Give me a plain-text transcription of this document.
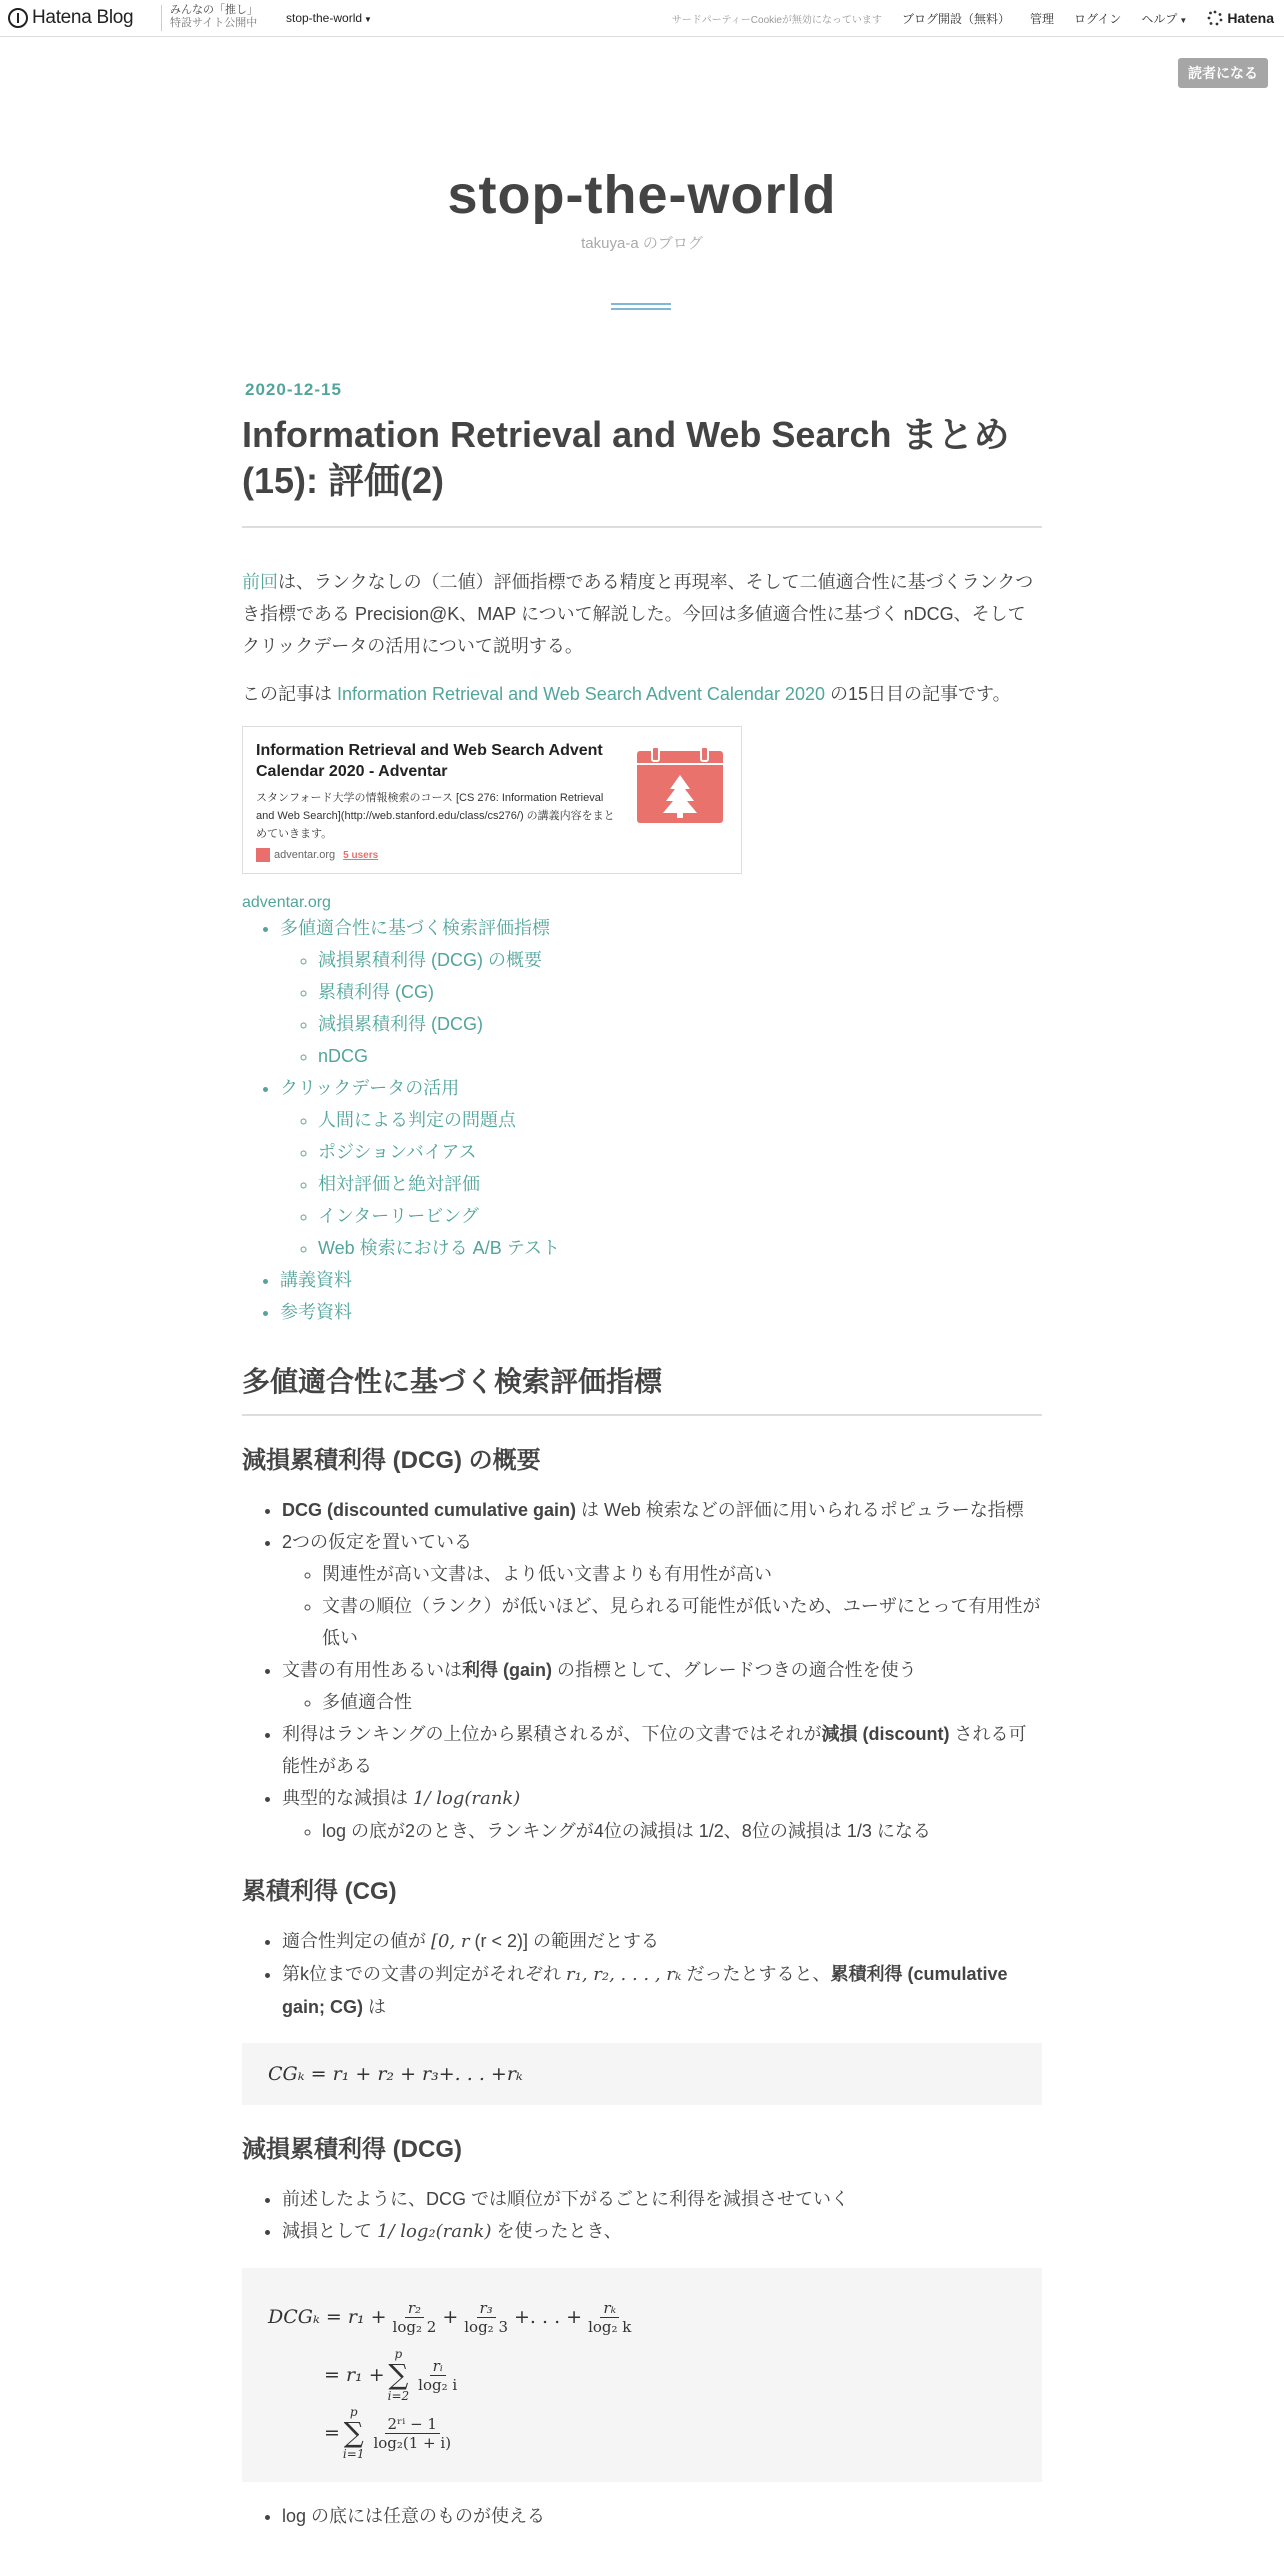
Hatena Blog	みんなの「推し」
特設サイト公開中 stop-the-world ▼	サードパーティーCookieが無効になっています ブログ開設（無料） 管理 ログイン ヘルプ ▼	Hatena
読者になる
stop-the-world
takuya-a のブログ
2020-12-15
Information Retrieval and Web Search まとめ(15): 評価(2)

前回は、ランクなしの（二値）評価指標である精度と再現率、そして二値適合性に基づくランクつき指標である Precision@K、MAP について解説した。今回は多値適合性に基づく nDCG、そしてクリックデータの活用について説明する。

この記事は Information Retrieval and Web Search Advent Calendar 2020 の15日目の記事です。

Information Retrieval and Web Search Advent Calendar 2020 - Adventar
スタンフォード大学の情報検索のコース [CS 276: Information Retrieval and Web Search](http://web.stanford.edu/class/cs276/) の講義内容をまとめていきます。
adventar.org 5 users
adventar.org
• 多値適合性に基づく検索評価指標
◦ 減損累積利得 (DCG) の概要
◦ 累積利得 (CG)
◦ 減損累積利得 (DCG)
◦ nDCG
• クリックデータの活用
◦ 人間による判定の問題点
◦ ポジションバイアス
◦ 相対評価と絶対評価
◦ インターリービング
◦ Web 検索における A/B テスト
• 講義資料
• 参考資料
多値適合性に基づく検索評価指標
減損累積利得 (DCG) の概要
• DCG (discounted cumulative gain) は Web 検索などの評価に用いられるポピュラーな指標
• 2つの仮定を置いている
◦ 関連性が高い文書は、より低い文書よりも有用性が高い
◦ 文書の順位（ランク）が低いほど、見られる可能性が低いため、ユーザにとって有用性が低い
• 文書の有用性あるいは利得 (gain) の指標として、グレードつきの適合性を使う
◦ 多値適合性
• 利得はランキングの上位から累積されるが、下位の文書ではそれが減損 (discount) される可能性がある
• 典型的な減損は 1/ log(rank)
◦ log の底が2のとき、ランキングが4位の減損は 1/2、8位の減損は 1/3 になる
累積利得 (CG)
• 適合性判定の値が [0, r (r < 2)] の範囲だとする
• 第k位までの文書の判定がそれぞれ r₁, r₂, . . . , rₖ だったとすると、累積利得 (cumulative gain; CG) は
CGₖ = r₁ + r₂ + r₃+. . . +rₖ
減損累積利得 (DCG)
• 前述したように、DCG では順位が下がるごとに利得を減損させていく
• 減損として 1/ log₂(rank) を使ったとき、
$DCG_k = r_1 + \frac{\text{r₂}}{\text{log₂ 2}} + \frac{\text{r₃}}{\text{log₂ 3}}$ +. . . + $\frac{\text{rₖ}}{\text{log₂ k}}$
= r₁ +
p
∑
i=2
$\frac{\text{rᵢ}}{\text{log₂ i}}$
=
p
∑
i=1
$\frac{\text{2ʳⁱ − 1}}{\text{log₂(1 + i)}}$
• log の底には任意のものが使える
